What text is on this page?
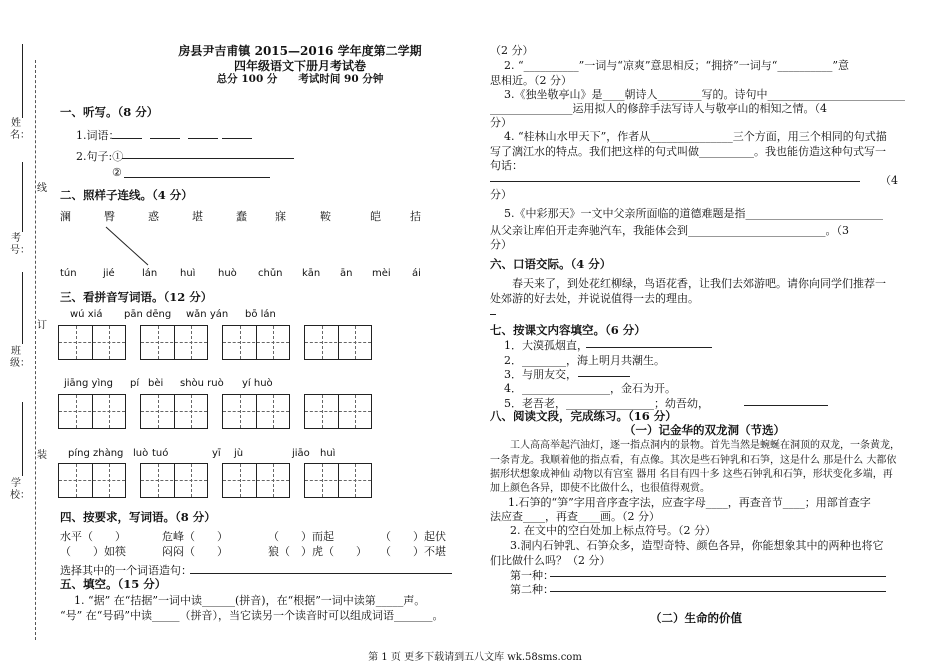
姓名：
线
考号：
订
班级：
装
学校：
房县尹吉甫镇 2015—2016 学年度第二学期
四年级语文下册月考试卷
总分 100 分　　考试时间 90 分钟
一、听写。（8 分）
1.词语：
2.句子:①
②
二、照样子连线。（4 分）
澜	臀	惑	堪	蠢	寐	鞍	皑	拮
tún	jié	lán huì huò chǔn kān ān mèi ái
三、看拼音写词语。（12 分）
wú xiá pān dēng wǎn yán bō lán
jiāng yìng pí bèi shòu ruò yí huò
píng zhàng luò tuó	yī jù	jiāo huì
四、按要求，写词语。（8 分）
水平（　　）	危峰（　　）	（　　）而起	（　　）起伏
（　　）如筷	闷闷（　　）	狼（　）虎（　　） （　　）不堪
选择其中的一个词语造句：
五、填空。（15 分）
1. “据” 在“拮据”一词中读______(拼音)，在“根据”一词中读第_____声。
“号” 在“号码”中读_____（拼音），当它读另一个读音时可以组成词语_______。
（2 分）
2. “__________”一词与“凉爽”意思相反；“拥挤”一词与“__________”意
思相近。（2 分）
3.《独坐敬亭山》是____朝诗人________写的。诗句中_________________________
_______________运用拟人的修辞手法写诗人与敬亭山的相知之情。（4
分）
4. “桂林山水甲天下”，作者从_______________三个方面，用三个相同的句式描
写了漓江水的特点。我们把这样的句式叫做__________。我也能仿造这种句式写一
句话：
（4
分）
5.《中彩那天》一文中父亲所面临的道德难题是指_________________________
从父亲让库伯开走奔驰汽车，我能体会到_________________________。（3
分）
六、口语交际。（4 分）
春天来了，到处花红柳绿，鸟语花香，让我们去郊游吧。请你向同学们推荐一
处郊游的好去处，并说说值得一去的理由。
七、按课文内容填空。（6 分）
1．大漠孤烟直，
2．________，海上明月共潮生。
3．与朋友交，
4．________________，金石为开。
5．老吾老，________________；幼吾幼，
八、阅读文段，完成练习。（16 分）
（一）记金华的双龙洞（节选）
工人高高举起汽油灯，逐一指点洞内的景物。首先当然是蜿蜒在洞顶的双龙，一条黄龙，
一条青龙。我顺着他的指点看，有点像。其次是些石钟乳和石笋，这是什么 那是什么 大都依
据形状想象成神仙 动物以有宫室 器用 名目有四十多 这些石钟乳和石笋，形状变化多端，再
加上颜色各异，即使不比做什么，也很值得观赏。
1.石笋的“笋”字用音序查字法，应查字母____，再查音节____；用部首查字
法应查____，再查____画。（2 分）
2. 在文中的空白处加上标点符号。（2 分）
3.洞内石钟乳、石笋众多，造型奇特、颜色各异，你能想象其中的两种也将它
们比做什么吗？（2 分）
第一种：
第二种：
（二）生命的价值
第 1 页 更多下载请到五八文库 wk.58sms.com
